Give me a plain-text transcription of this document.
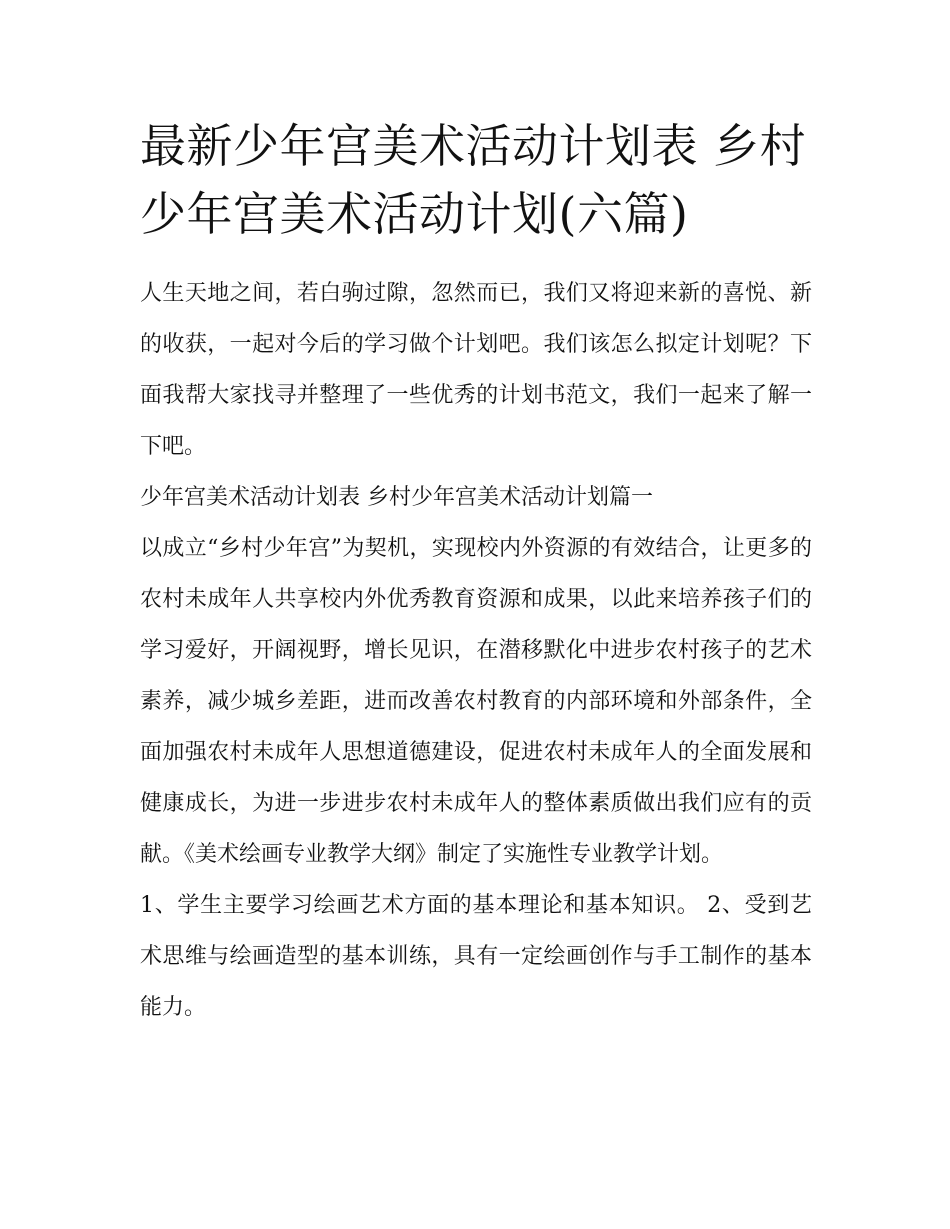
最新少年宫美术活动计划表 乡村少年宫美术活动计划(六篇)

人生天地之间，若白驹过隙，忽然而已，我们又将迎来新的喜悦、新的收获，一起对今后的学习做个计划吧。我们该怎么拟定计划呢？下面我帮大家找寻并整理了一些优秀的计划书范文，我们一起来了解一下吧。

少年宫美术活动计划表 乡村少年宫美术活动计划篇一

以成立“乡村少年宫”为契机，实现校内外资源的有效结合，让更多的农村未成年人共享校内外优秀教育资源和成果，以此来培养孩子们的学习爱好，开阔视野，增长见识，在潜移默化中进步农村孩子的艺术素养，减少城乡差距，进而改善农村教育的内部环境和外部条件，全面加强农村未成年人思想道德建设，促进农村未成年人的全面发展和健康成长，为进一步进步农村未成年人的整体素质做出我们应有的贡献。《美术绘画专业教学大纲》制定了实施性专业教学计划。

1、学生主要学习绘画艺术方面的基本理论和基本知识。 2、受到艺术思维与绘画造型的基本训练，具有一定绘画创作与手工制作的基本能力。
